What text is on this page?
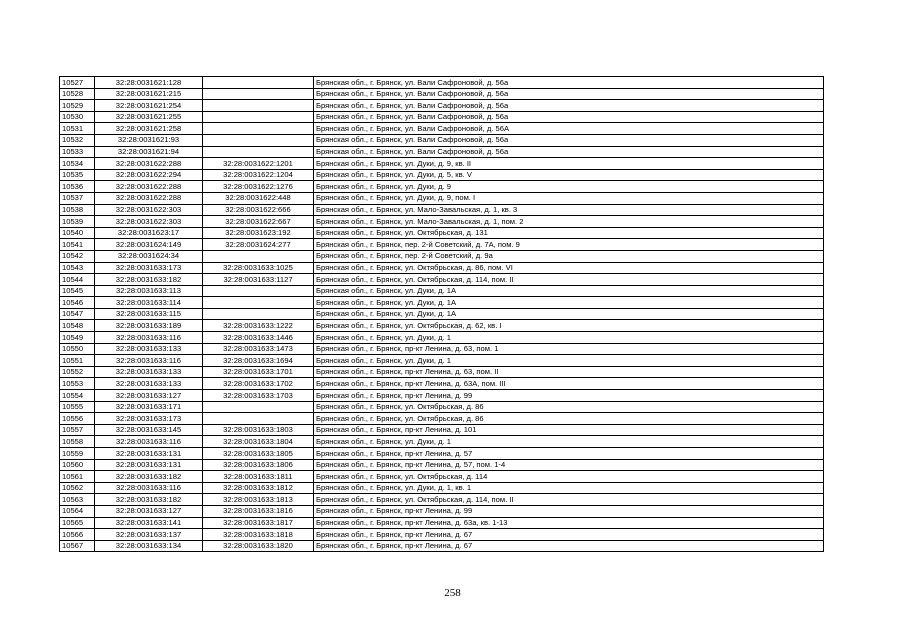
10527	32:28:0031621:128		Брянская обл., г. Брянск, ул. Вали Сафроновой, д. 56а
10528	32:28:0031621:215		Брянская обл., г. Брянск, ул. Вали Сафроновой, д. 56а
10529	32:28:0031621:254		Брянская обл., г. Брянск, ул. Вали Сафроновой, д. 56а
10530	32:28:0031621:255		Брянская обл., г. Брянск, ул. Вали Сафроновой, д. 56а
10531	32:28:0031621:258		Брянская обл., г. Брянск, ул. Вали Сафроновой, д. 56А
10532	32:28:0031621:93		Брянская обл., г. Брянск, ул. Вали Сафроновой, д. 56а
10533	32:28:0031621:94		Брянская обл., г. Брянск, ул. Вали Сафроновой, д. 56а
10534	32:28:0031622:288	32:28:0031622:1201	Брянская обл., г. Брянск, ул. Дуки, д. 9, кв. II
10535	32:28:0031622:294	32:28:0031622:1204	Брянская обл., г. Брянск, ул. Дуки, д. 5, кв. V
10536	32:28:0031622:288	32:28:0031622:1276	Брянская обл., г. Брянск, ул. Дуки, д. 9
10537	32:28:0031622:288	32:28:0031622:448	Брянская обл., г. Брянск, ул. Дуки, д. 9, пом. I
10538	32:28:0031622:303	32:28:0031622:666	Брянская обл., г. Брянск, ул. Мало-Завальская, д. 1, кв. 3
10539	32:28:0031622:303	32:28:0031622:667	Брянская обл., г. Брянск, ул. Мало-Завальская, д. 1, пом. 2
10540	32:28:0031623:17	32:28:0031623:192	Брянская обл., г. Брянск, ул. Октябрьская, д. 131
10541	32:28:0031624:149	32:28:0031624:277	Брянская обл., г. Брянск, пер. 2-й Советский, д. 7А, пом. 9
10542	32:28:0031624:34		Брянская обл., г. Брянск, пер. 2-й Советский, д. 9а
10543	32:28:0031633:173	32:28:0031633:1025	Брянская обл., г. Брянск, ул. Октябрьская, д. 86, пом. VI
10544	32:28:0031633:182	32:28:0031633:1127	Брянская обл., г. Брянск, ул. Октябрьская, д. 114, пом. II
10545	32:28:0031633:113		Брянская обл., г. Брянск, ул. Дуки, д. 1А
10546	32:28:0031633:114		Брянская обл., г. Брянск, ул. Дуки, д. 1А
10547	32:28:0031633:115		Брянская обл., г. Брянск, ул. Дуки, д. 1А
10548	32:28:0031633:189	32:28:0031633:1222	Брянская обл., г. Брянск, ул. Октябрьская, д. 62, кв. I
10549	32:28:0031633:116	32:28:0031633:1446	Брянская обл., г. Брянск, ул. Дуки, д. 1
10550	32:28:0031633:133	32:28:0031633:1473	Брянская обл., г. Брянск, пр-кт Ленина, д. 63, пом. 1
10551	32:28:0031633:116	32:28:0031633:1694	Брянская обл., г. Брянск, ул. Дуки, д. 1
10552	32:28:0031633:133	32:28:0031633:1701	Брянская обл., г. Брянск, пр-кт Ленина, д. 63, пом. II
10553	32:28:0031633:133	32:28:0031633:1702	Брянская обл., г. Брянск, пр-кт Ленина, д. 63А, пом. III
10554	32:28:0031633:127	32:28:0031633:1703	Брянская обл., г. Брянск, пр-кт Ленина, д. 99
10555	32:28:0031633:171		Брянская обл., г. Брянск, ул. Октябрьская, д. 86
10556	32:28:0031633:173		Брянская обл., г. Брянск, ул. Октябрьская, д. 86
10557	32:28:0031633:145	32:28:0031633:1803	Брянская обл., г. Брянск, пр-кт Ленина, д. 101
10558	32:28:0031633:116	32:28:0031633:1804	Брянская обл., г. Брянск, ул. Дуки, д. 1
10559	32:28:0031633:131	32:28:0031633:1805	Брянская обл., г. Брянск, пр-кт Ленина, д. 57
10560	32:28:0031633:131	32:28:0031633:1806	Брянская обл., г. Брянск, пр-кт Ленина, д. 57, пом. 1-4
10561	32:28:0031633:182	32:28:0031633:1811	Брянская обл., г. Брянск, ул. Октябрьская, д. 114
10562	32:28:0031633:116	32:28:0031633:1812	Брянская обл., г. Брянск, ул. Дуки, д. 1, кв. 1
10563	32:28:0031633:182	32:28:0031633:1813	Брянская обл., г. Брянск, ул. Октябрьская, д. 114, пом. II
10564	32:28:0031633:127	32:28:0031633:1816	Брянская обл., г. Брянск, пр-кт Ленина, д. 99
10565	32:28:0031633:141	32:28:0031633:1817	Брянская обл., г. Брянск, пр-кт Ленина, д. 63а, кв. 1-13
10566	32:28:0031633:137	32:28:0031633:1818	Брянская обл., г. Брянск, пр-кт Ленина, д. 67
10567	32:28:0031633:134	32:28:0031633:1820	Брянская обл., г. Брянск, пр-кт Ленина, д. 67
258
